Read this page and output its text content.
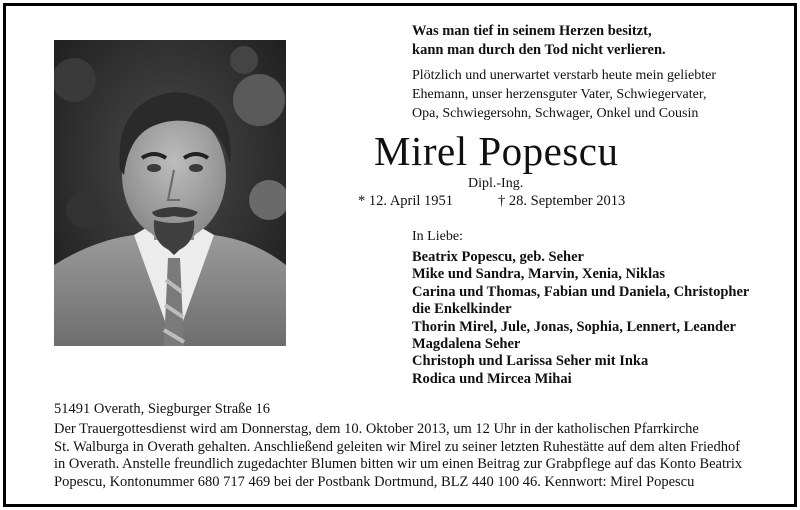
Was man tief in seinem Herzen besitzt,
kann man durch den Tod nicht verlieren.
Plötzlich und unerwartet verstarb heute mein geliebter
Ehemann, unser herzensguter Vater, Schwiegervater,
Opa, Schwiegersohn, Schwager, Onkel und Cousin
Mirel Popescu
Dipl.-Ing.
* 12. April 1951	† 28. September 2013
In Liebe:
Beatrix Popescu, geb. Seher
Mike und Sandra, Marvin, Xenia, Niklas
Carina und Thomas, Fabian und Daniela, Christopher
die Enkelkinder
Thorin Mirel, Jule, Jonas, Sophia, Lennert, Leander
Magdalena Seher
Christoph und Larissa Seher mit Inka
Rodica und Mircea Mihai
51491 Overath, Siegburger Straße 16
Der Trauergottesdienst wird am Donnerstag, dem 10. Oktober 2013, um 12 Uhr in der katholischen Pfarrkirche
St. Walburga in Overath gehalten. Anschließend geleiten wir Mirel zu seiner letzten Ruhestätte auf dem alten Friedhof
in Overath. Anstelle freundlich zugedachter Blumen bitten wir um einen Beitrag zur Grabpflege auf das Konto Beatrix
Popescu, Kontonummer 680 717 469 bei der Postbank Dortmund, BLZ 440 100 46. Kennwort: Mirel Popescu
